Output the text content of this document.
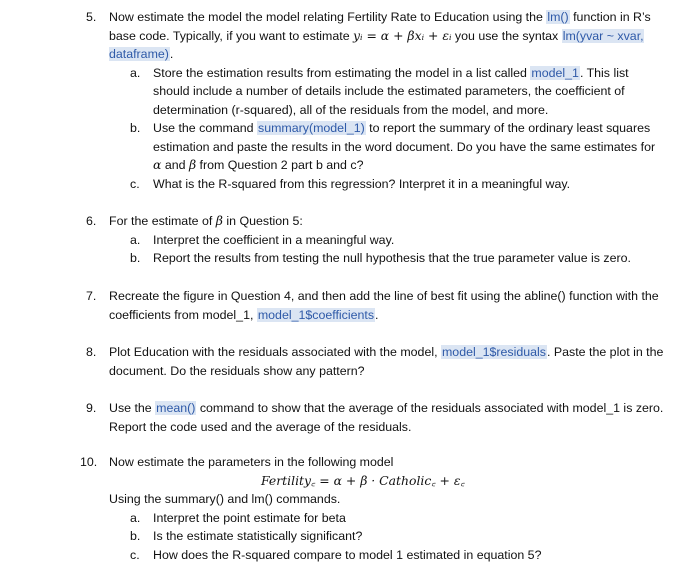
5. Now estimate the model the model relating Fertility Rate to Education using the lm() function in R’s base code. Typically, if you want to estimate yᵢ = α + βxᵢ + εᵢ you use the syntax lm(yvar ~ xvar, dataframe).
a. Store the estimation results from estimating the model in a list called model_1. This list should include a number of details include the estimated parameters, the coefficient of determination (r-squared), all of the residuals from the model, and more.
b. Use the command summary(model_1) to report the summary of the ordinary least squares estimation and paste the results in the word document. Do you have the same estimates for α and β from Question 2 part b and c?
c. What is the R-squared from this regression? Interpret it in a meaningful way.
6. For the estimate of β in Question 5:
a. Interpret the coefficient in a meaningful way.
b. Report the results from testing the null hypothesis that the true parameter value is zero.
7. Recreate the figure in Question 4, and then add the line of best fit using the abline() function with the coefficients from model_1, model_1$coefficients.
8. Plot Education with the residuals associated with the model, model_1$residuals. Paste the plot in the document. Do the residuals show any pattern?
9. Use the mean() command to show that the average of the residuals associated with model_1 is zero. Report the code used and the average of the residuals.
10. Now estimate the parameters in the following model
Fertility꜀ = α + β · Catholic꜀ + ε꜀
Using the summary() and lm() commands.
a. Interpret the point estimate for beta
b. Is the estimate statistically significant?
c. How does the R-squared compare to model 1 estimated in equation 5?
